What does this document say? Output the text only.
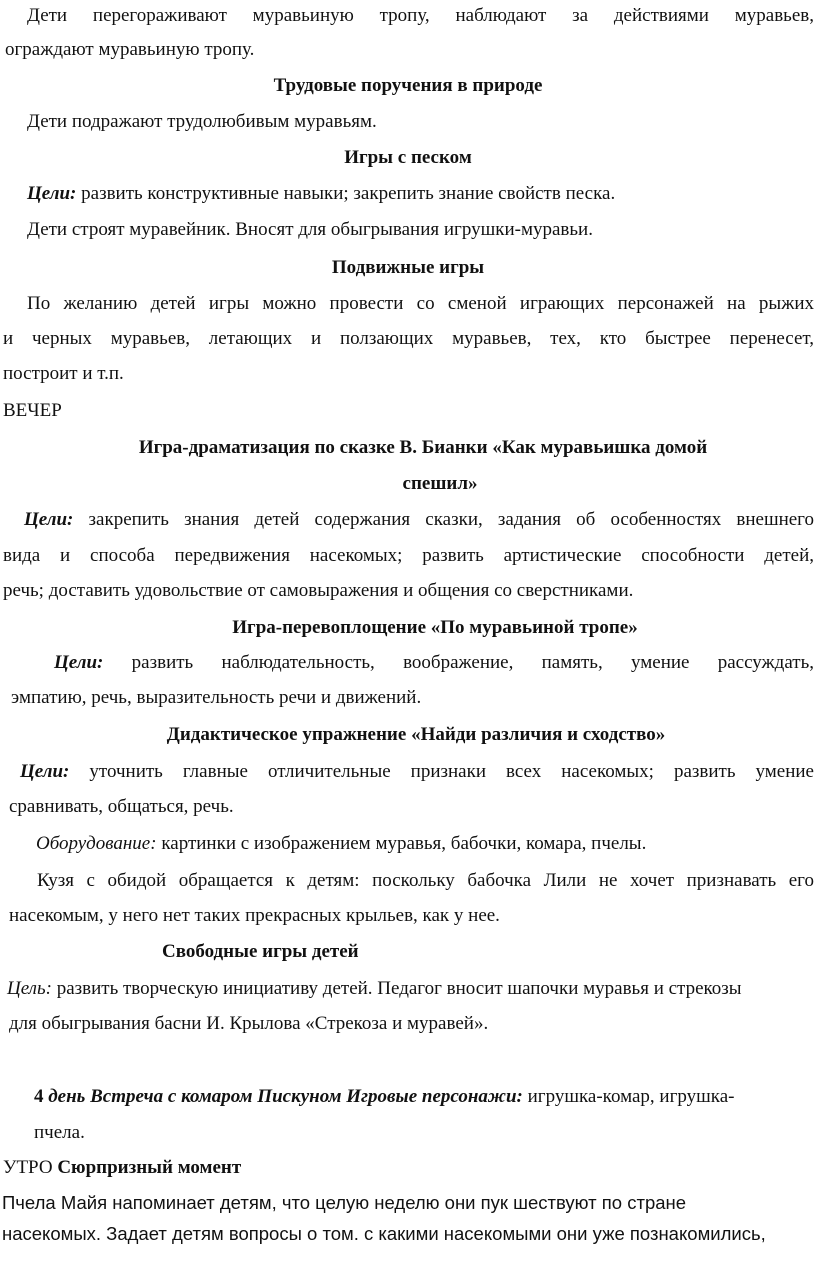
Дети перегораживают муравьиную тропу, наблюдают за действиями муравьев,
ограждают муравьиную тропу.
Трудовые поручения в природе
Дети подражают трудолюбивым муравьям.
Игры с песком
Цели: развить конструктивные навыки; закрепить знание свойств песка.
Дети строят муравейник. Вносят для обыгрывания игрушки-муравьи.
Подвижные игры
По желанию детей игры можно провести со сменой играющих персонажей на рыжих
и черных муравьев, летающих и ползающих муравьев, тех, кто быстрее перенесет,
построит и т.п.
ВЕЧЕР
Игра-драматизация по сказке В. Бианки «Как муравьишка домой
спешил»
Цели: закрепить знания детей содержания сказки, задания об особенностях внешнего
вида и способа передвижения насекомых; развить артистические способности детей,
речь; доставить удовольствие от самовыражения и общения со сверстниками.
Игра-перевоплощение «По муравьиной тропе»
Цели: развить наблюдательность, воображение, память, умение рассуждать,
эмпатию, речь, выразительность речи и движений.
Дидактическое упражнение «Найди различия и сходство»
Цели: уточнить главные отличительные признаки всех насекомых; развить умение
сравнивать, общаться, речь.
Оборудование: картинки с изображением муравья, бабочки, комара, пчелы.
Кузя с обидой обращается к детям: поскольку бабочка Лили не хочет признавать его
насекомым, у него нет таких прекрасных крыльев, как у нее.
Свободные игры детей
Цель: развить творческую инициативу детей. Педагог вносит шапочки муравья и стрекозы
для обыгрывания басни И. Крылова «Стрекоза и муравей».
4 день Встреча с комаром Пискуном Игровые персонажи: игрушка-комар, игрушка-
пчела.
УТРО Сюрпризный момент
Пчела Майя напоминает детям, что целую неделю они пук шествуют по стране
насекомых. Задает детям вопросы о том. с какими насекомыми они уже познакомились,
